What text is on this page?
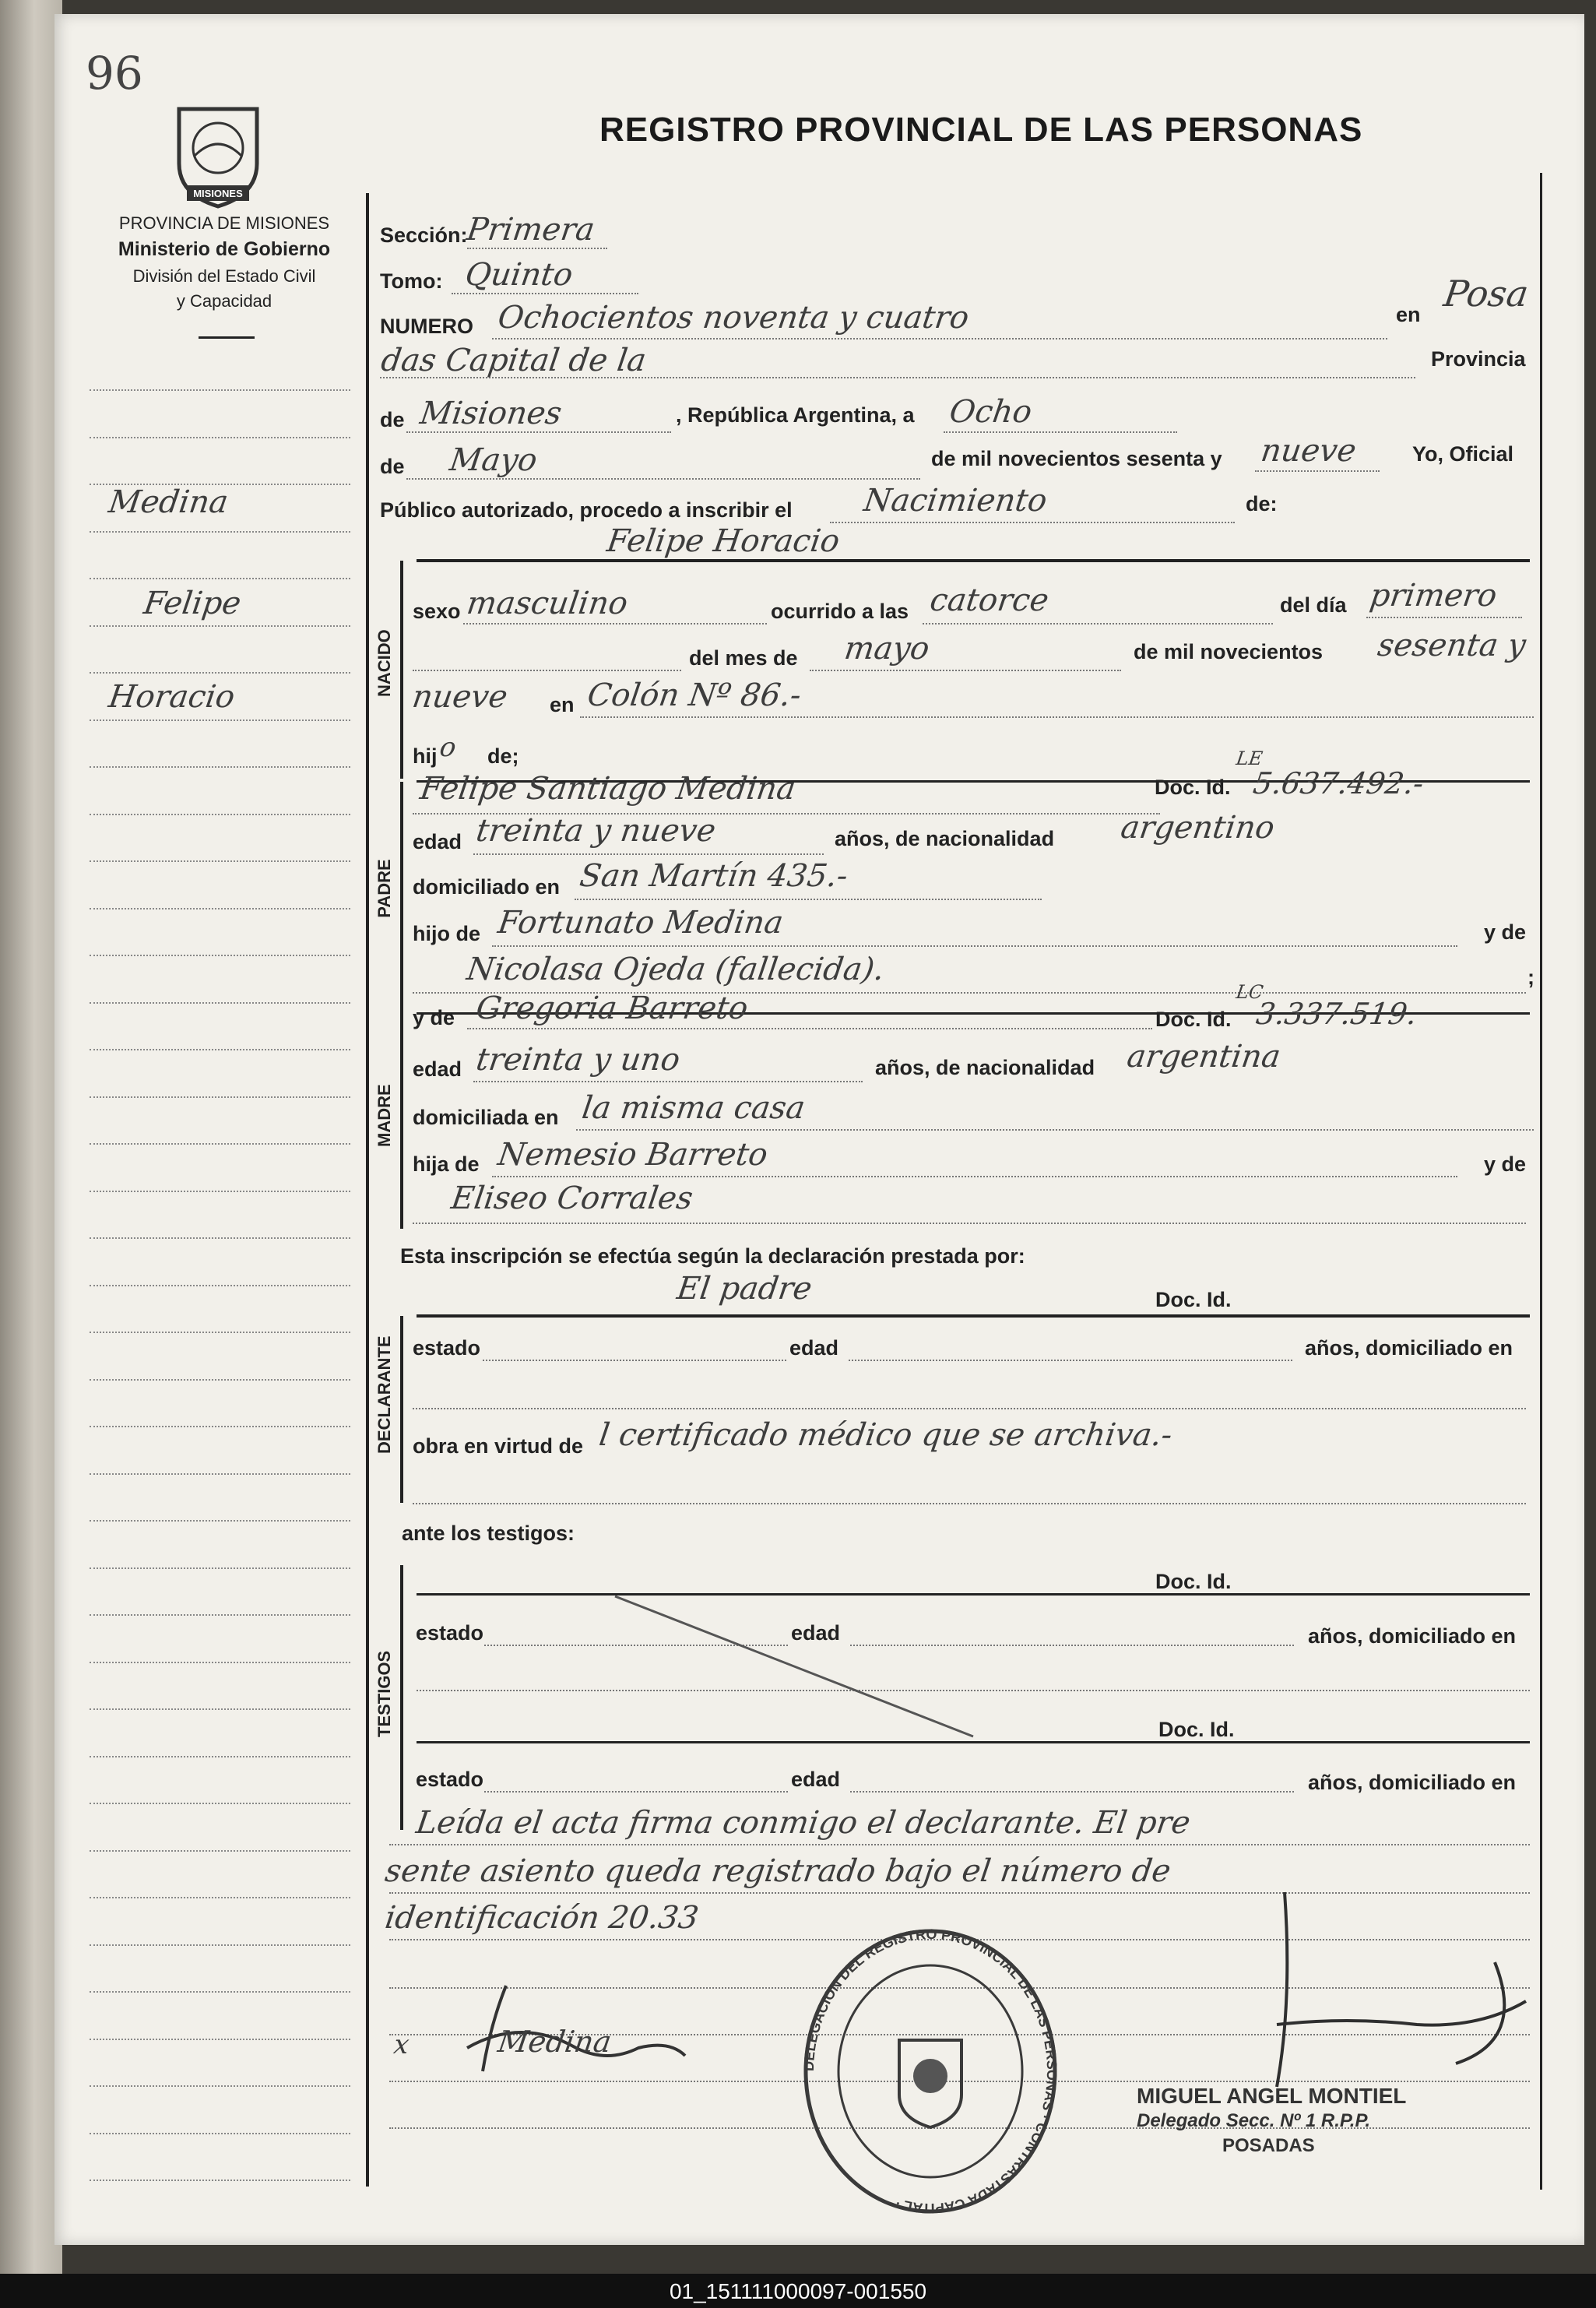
96
REGISTRO PROVINCIAL DE LAS PERSONAS
MISIONES
PROVINCIA DE MISIONES
Ministerio de Gobierno
División del Estado Civil
y Capacidad
Medina
Felipe
Horacio
Sección:
Primera
Tomo: Quinto
NUMERO Ochocientos noventa y cuatro	en Posa
das Capital de la	Provincia
de Misiones	, República Argentina, a Ocho
de Mayo	de mil novecientos sesenta y nueve	Yo, Oficial
Público autorizado, procedo a inscribir el Nacimiento	de:
Felipe Horacio
NACIDO
sexo masculino	ocurrido a las catorce	del día primero
del mes de mayo	de mil novecientos sesenta y
nueve en Colón Nº 86.-
hij o de;
PADRE
Felipe Santiago Medina	Doc. Id.
LE
5.637.492.-
edad treinta y nueve	años, de nacionalidad argentino
domiciliado en San Martín 435.-
hijo de Fortunato Medina	y de
Nicolasa Ojeda (fallecida).	;
MADRE
y de Gregoria Barreto	Doc. Id.
LC
3.337.519.
edad treinta y uno	años, de nacionalidad argentina
domiciliada en la misma casa
hija de Nemesio Barreto	y de
Eliseo Corrales
Esta inscripción se efectúa según la declaración prestada por:
DECLARANTE
El padre	Doc. Id.
estado	edad	años, domiciliado en
obra en virtud de l certificado médico que se archiva.-
ante los testigos:
TESTIGOS
Doc. Id.
estado	edad	años, domiciliado en
Doc. Id.
estado	edad	años, domiciliado en
Leída el acta firma conmigo el declarante. El pre
sente asiento queda registrado bajo el número de
identificación 20.33
x	Medina
DELEGACION DEL REGISTRO PROVINCIAL DE LAS PERSONAS · CONTRASTADA CAPITAL ·
MIGUEL ANGEL MONTIEL
Delegado Secc. Nº 1 R.P.P.
POSADAS
01_151111000097-001550
